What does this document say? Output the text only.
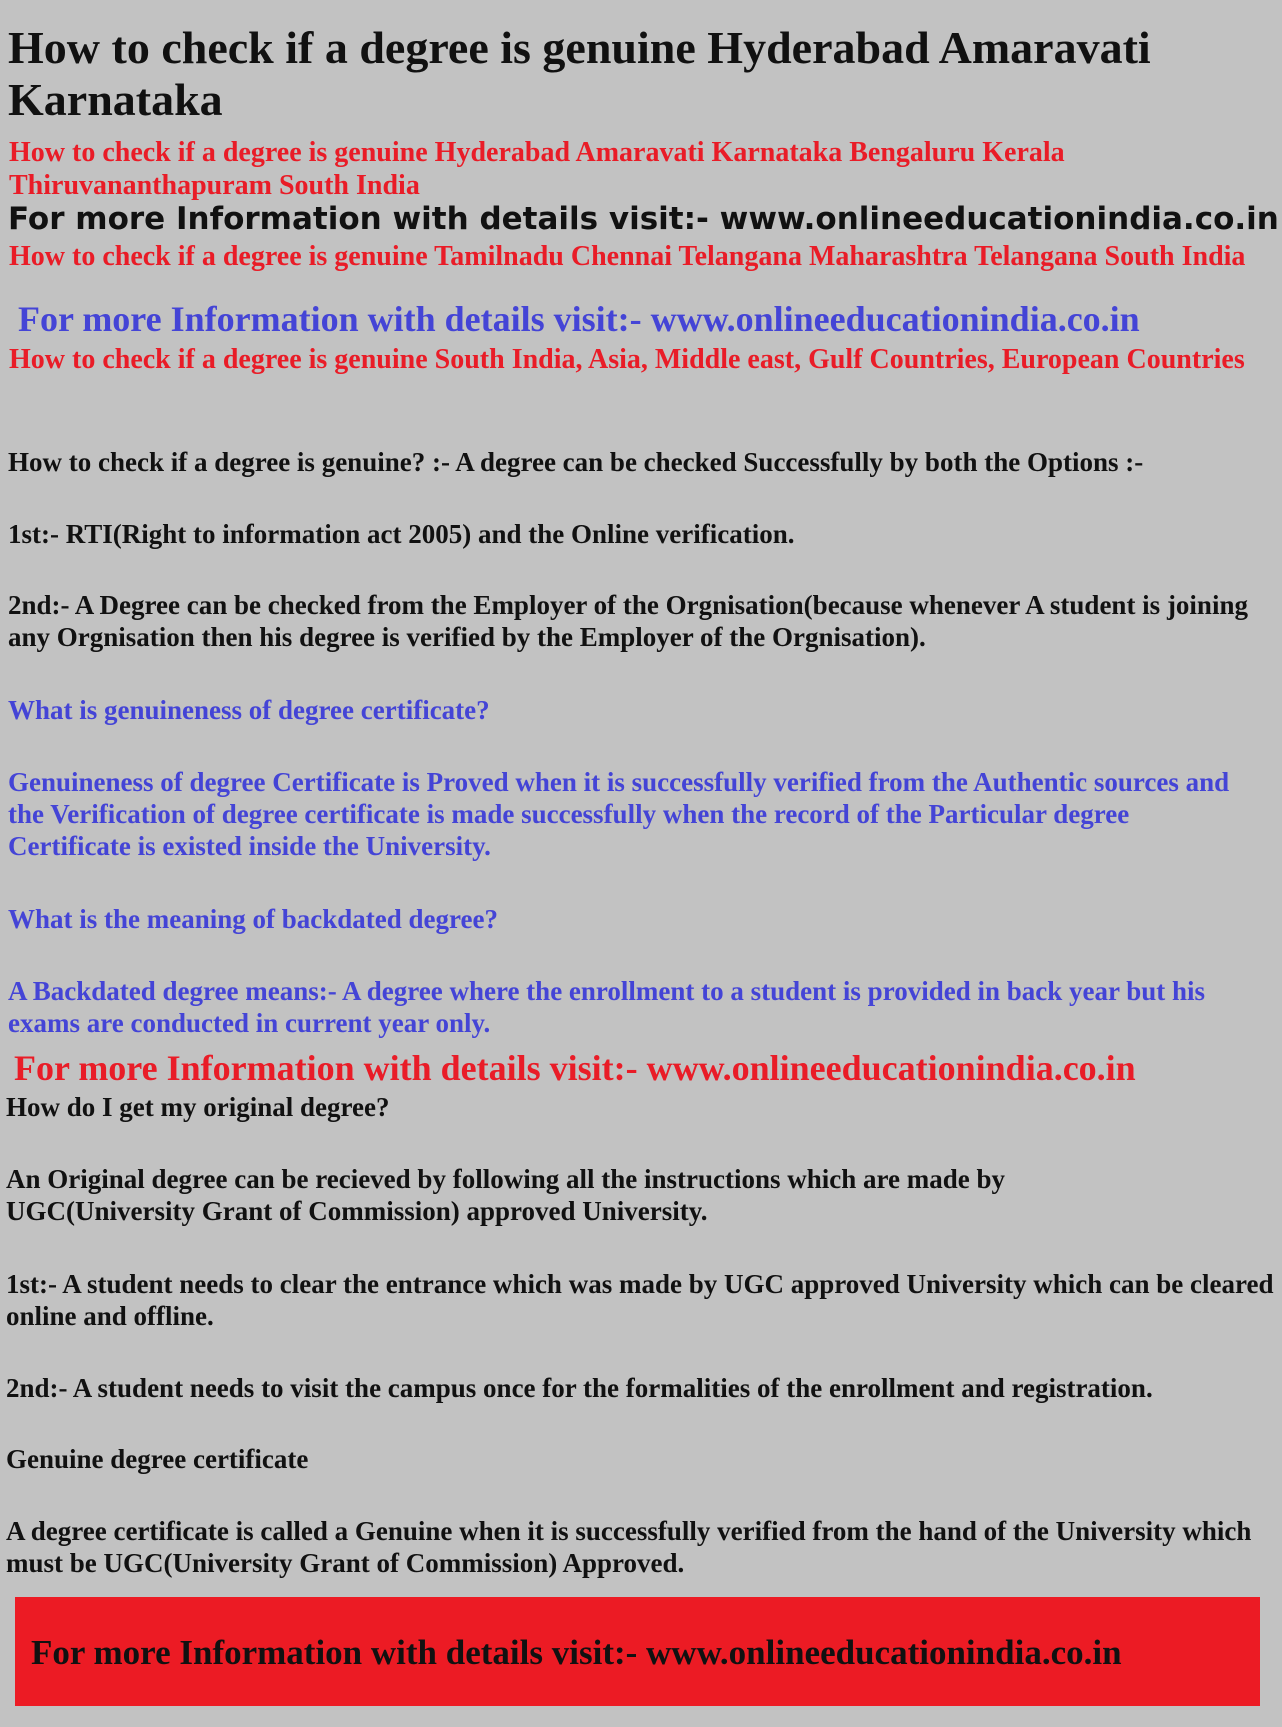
How to check if a degree is genuine Hyderabad Amaravati Karnataka

How to check if a degree is genuine Hyderabad Amaravati Karnataka Bengaluru Kerala Thiruvananthapuram South India

For more Information with details visit:- www.onlineeducationindia.co.in

How to check if a degree is genuine Tamilnadu Chennai Telangana Maharashtra Telangana South India

For more Information with details visit:- www.onlineeducationindia.co.in

How to check if a degree is genuine South India, Asia, Middle east, Gulf Countries, European Countries

How to check if a degree is genuine? :- A degree can be checked Successfully by both the Options :-

1st:- RTI(Right to information act 2005) and the Online verification.

2nd:- A Degree can be checked from the Employer of the Orgnisation(because whenever A student is joining any Orgnisation then his degree is verified by the Employer of the Orgnisation).

What is genuineness of degree certificate?

Genuineness of degree Certificate is Proved when it is successfully verified from the Authentic sources and the Verification of degree certificate is made successfully when the record of the Particular degree Certificate is existed inside the University.

What is the meaning of backdated degree?

A Backdated degree means:- A degree where the enrollment to a student is provided in back year but his exams are conducted in current year only.

For more Information with details visit:- www.onlineeducationindia.co.in

How do I get my original degree?

An Original degree can be recieved by following all the instructions which are made by UGC(University Grant of Commission) approved University.

1st:- A student needs to clear the entrance which was made by UGC approved University which can be cleared online and offline.

2nd:- A student needs to visit the campus once for the formalities of the enrollment and registration.

Genuine degree certificate

A degree certificate is called a Genuine when it is successfully verified from the hand of the University which must be UGC(University Grant of Commission) Approved.

For more Information with details visit:- www.onlineeducationindia.co.in
